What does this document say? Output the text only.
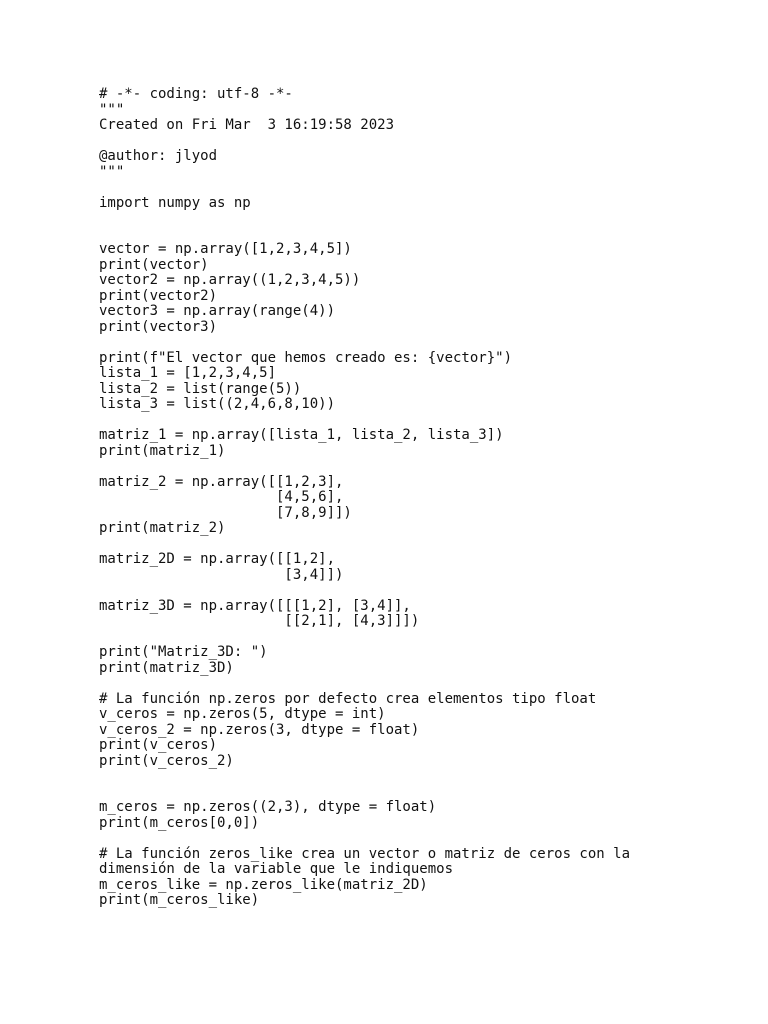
# -*- coding: utf-8 -*-
"""
Created on Fri Mar  3 16:19:58 2023
@author: jlyod
"""
import numpy as np
vector = np.array([1,2,3,4,5])
print(vector)
vector2 = np.array((1,2,3,4,5))
print(vector2)
vector3 = np.array(range(4))
print(vector3)
print(f"El vector que hemos creado es: {vector}")
lista_1 = [1,2,3,4,5]
lista_2 = list(range(5))
lista_3 = list((2,4,6,8,10))
matriz_1 = np.array([lista_1, lista_2, lista_3])
print(matriz_1)
matriz_2 = np.array([[1,2,3],
[4,5,6],
[7,8,9]])
print(matriz_2)
matriz_2D = np.array([[1,2],
[3,4]])
matriz_3D = np.array([[[1,2], [3,4]],
[[2,1], [4,3]]])
print("Matriz_3D: ")
print(matriz_3D)
# La función np.zeros por defecto crea elementos tipo float
v_ceros = np.zeros(5, dtype = int)
v_ceros_2 = np.zeros(3, dtype = float)
print(v_ceros)
print(v_ceros_2)
m_ceros = np.zeros((2,3), dtype = float)
print(m_ceros[0,0])
# La función zeros_like crea un vector o matriz de ceros con la
dimensión de la variable que le indiquemos
m_ceros_like = np.zeros_like(matriz_2D)
print(m_ceros_like)
